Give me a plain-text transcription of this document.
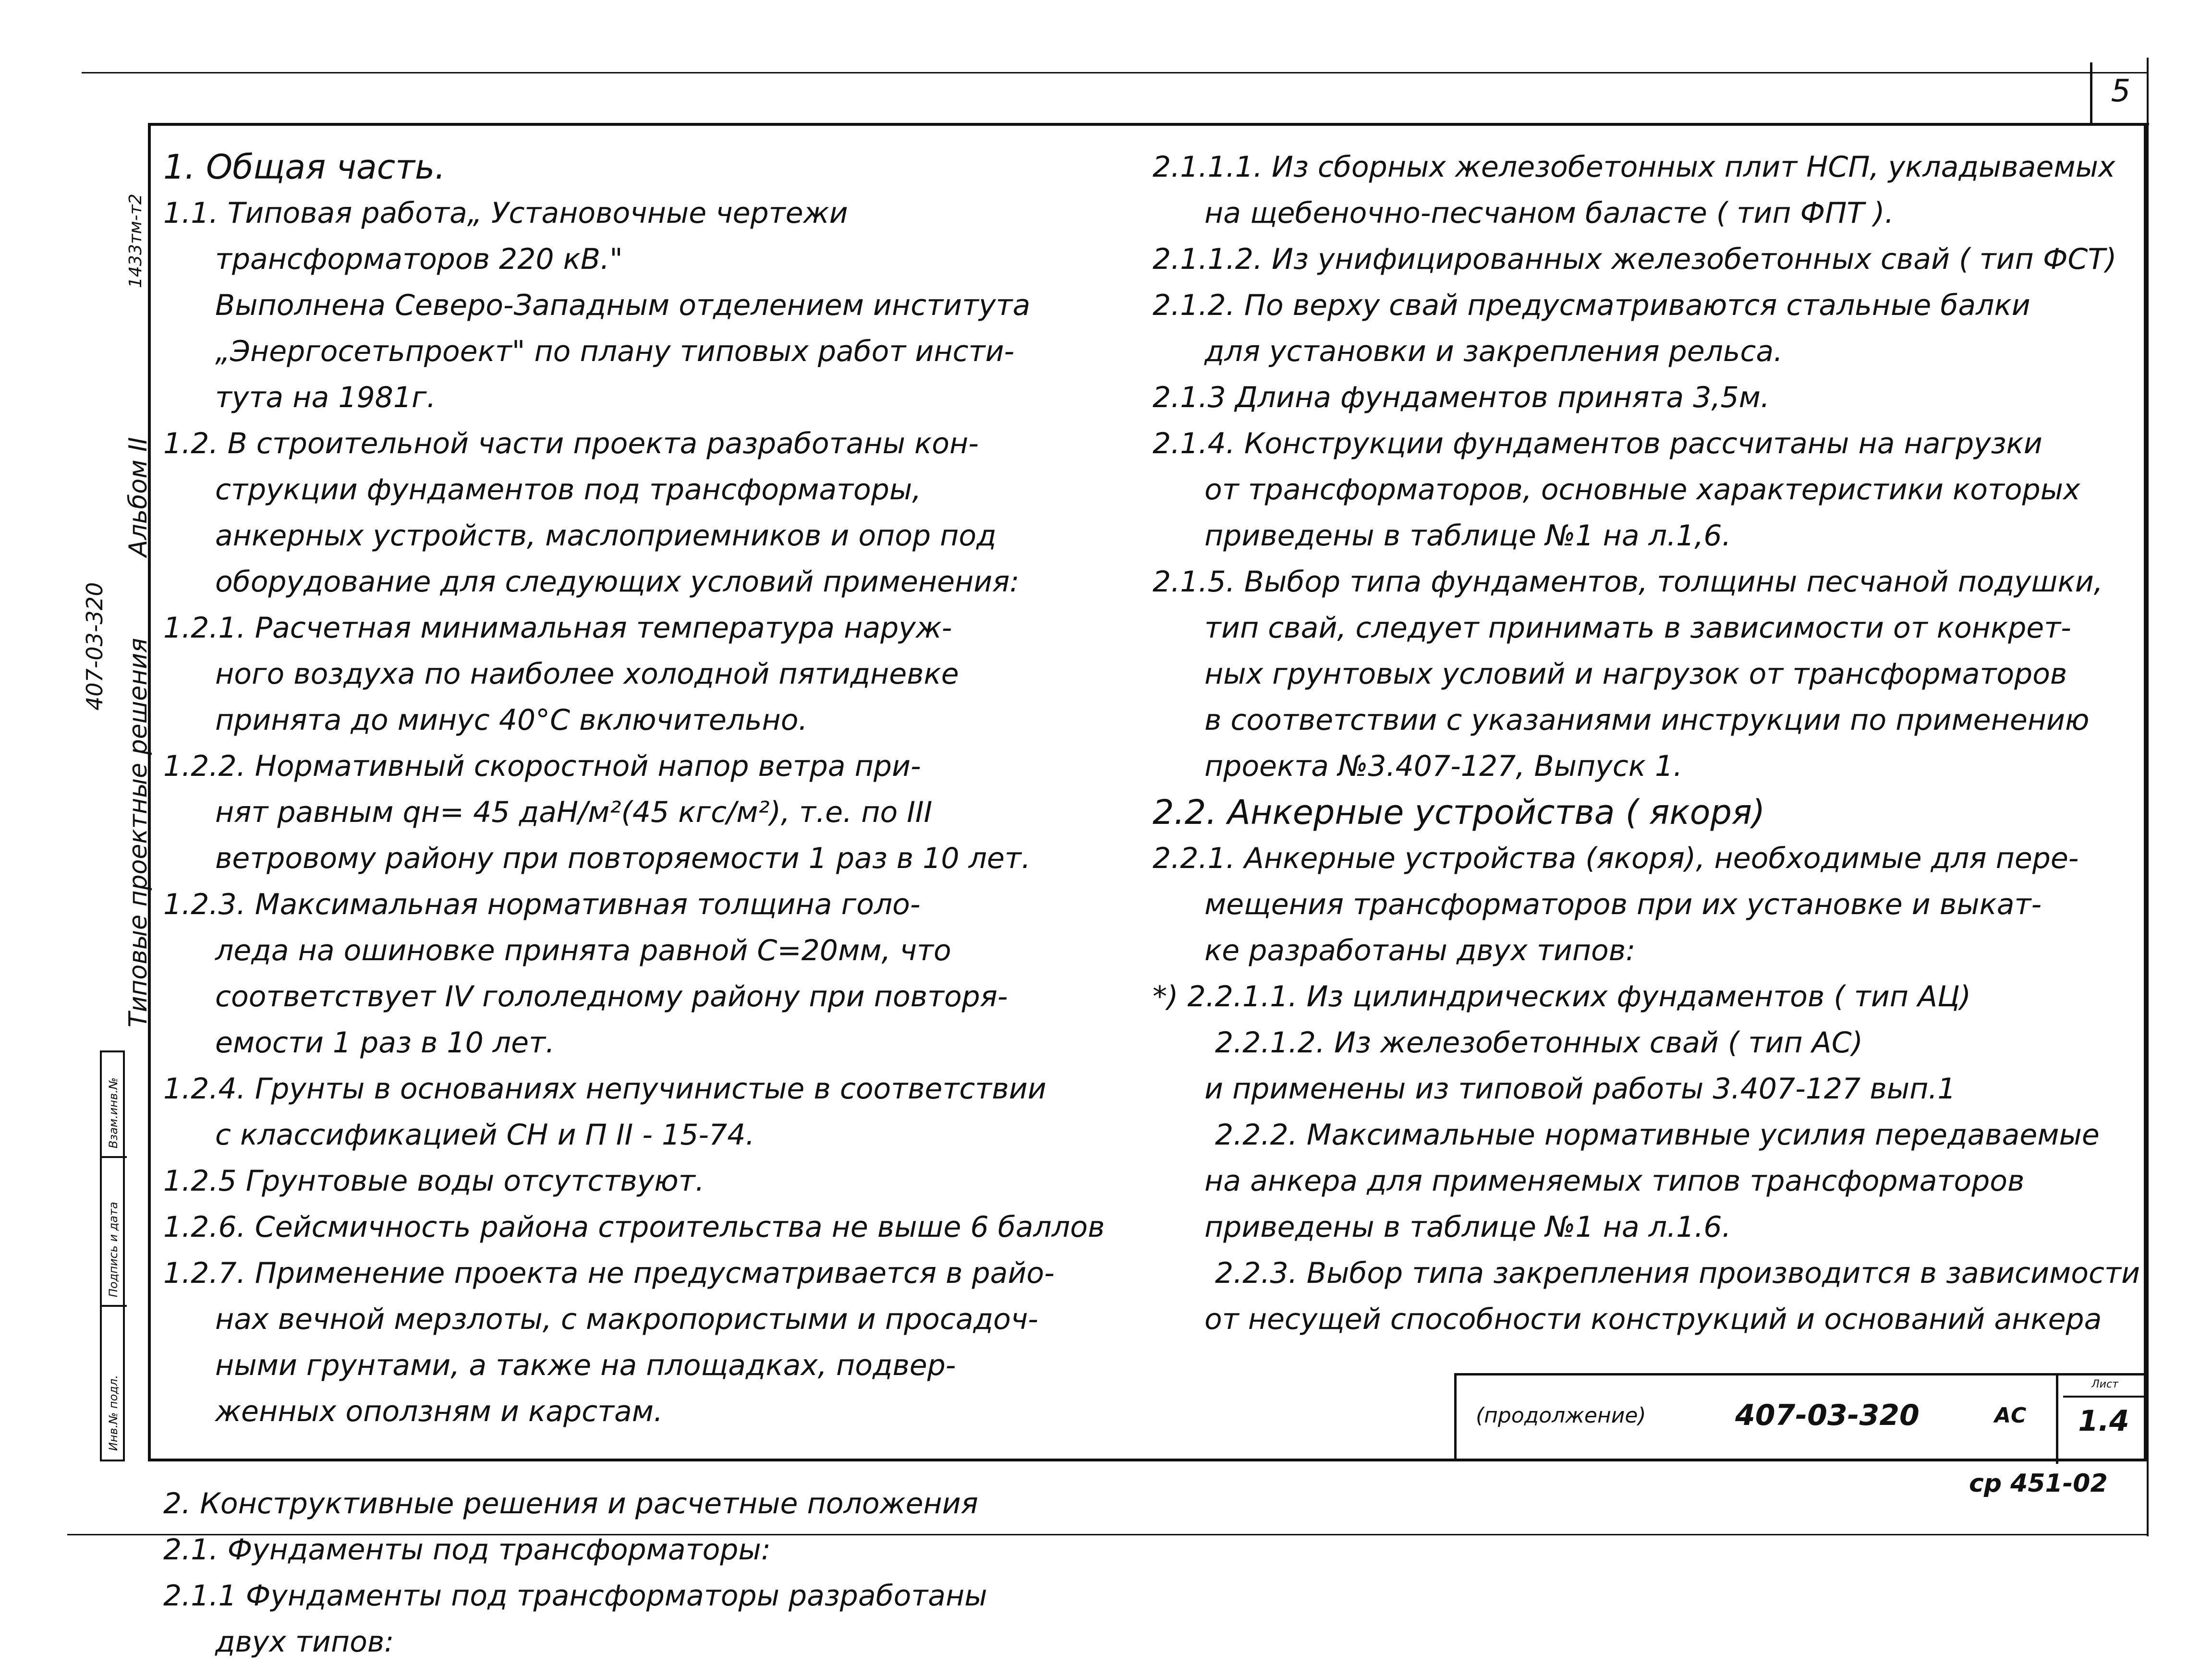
5
407-03-320 Типовые проектные решения
Альбом II
1433тм-т2
Взам.инв.№
Подпись и дата
Инв.№ подл.
1. Общая часть.
1.1. Типовая работа„ Установочные чертежи
трансформаторов 220 кВ."
Выполнена Северо-Западным отделением института
„Энергосетьпроект" по плану типовых работ инсти-
тута на 1981г.
1.2. В строительной части проекта разработаны кон-
струкции фундаментов под трансформаторы,
анкерных устройств, маслоприемников и опор под
оборудование для следующих условий применения:
1.2.1. Расчетная минимальная температура наруж-
ного воздуха по наиболее холодной пятидневке
принята до минус 40°С включительно.
1.2.2. Нормативный скоростной напор ветра при-
нят равным qн= 45 даН/м²(45 кгс/м²), т.е. по III
ветровому району при повторяемости 1 раз в 10 лет.
1.2.3. Максимальная нормативная толщина голо-
леда на ошиновке принята равной С=20мм, что
соответствует IV гололедному району при повторя-
емости 1 раз в 10 лет.
1.2.4. Грунты в основаниях непучинистые в соответствии
с классификацией СН и П II - 15-74.
1.2.5 Грунтовые воды отсутствуют.
1.2.6. Сейсмичность района строительства не выше 6 баллов
1.2.7. Применение проекта не предусматривается в райо-
нах вечной мерзлоты, с макропористыми и просадоч-
ными грунтами, а также на площадках, подвер-
женных оползням и карстам.
2. Конструктивные решения и расчетные положения
2.1. Фундаменты под трансформаторы:
2.1.1 Фундаменты под трансформаторы разработаны
двух типов:
2.1.1.1. Из сборных железобетонных плит НСП, укладываемых
на щебеночно-песчаном баласте ( тип ФПТ ).
2.1.1.2. Из унифицированных железобетонных свай ( тип ФСТ)
2.1.2. По верху свай предусматриваются стальные балки
для установки и закрепления рельса.
2.1.3 Длина фундаментов принята 3,5м.
2.1.4. Конструкции фундаментов рассчитаны на нагрузки
от трансформаторов, основные характеристики которых
приведены в таблице №1 на л.1,6.
2.1.5. Выбор типа фундаментов, толщины песчаной подушки,
тип свай, следует принимать в зависимости от конкрет-
ных грунтовых условий и нагрузок от трансформаторов
в соответствии с указаниями инструкции по применению
проекта №3.407-127, Выпуск 1.
2.2. Анкерные устройства ( якоря)
2.2.1. Анкерные устройства (якоря), необходимые для пере-
мещения трансформаторов при их установке и выкат-
ке разработаны двух типов:
*) 2.2.1.1. Из цилиндрических фундаментов ( тип АЦ)
2.2.1.2. Из железобетонных свай ( тип АС)
и применены из типовой работы 3.407-127 вып.1
2.2.2. Максимальные нормативные усилия передаваемые
на анкера для применяемых типов трансформаторов
приведены в таблице №1 на л.1.6.
2.2.3. Выбор типа закрепления производится в зависимости
от несущей способности конструкций и оснований анкера
(продолжение)	407-03-320	АС
Лист
1.4
ср 451-02
